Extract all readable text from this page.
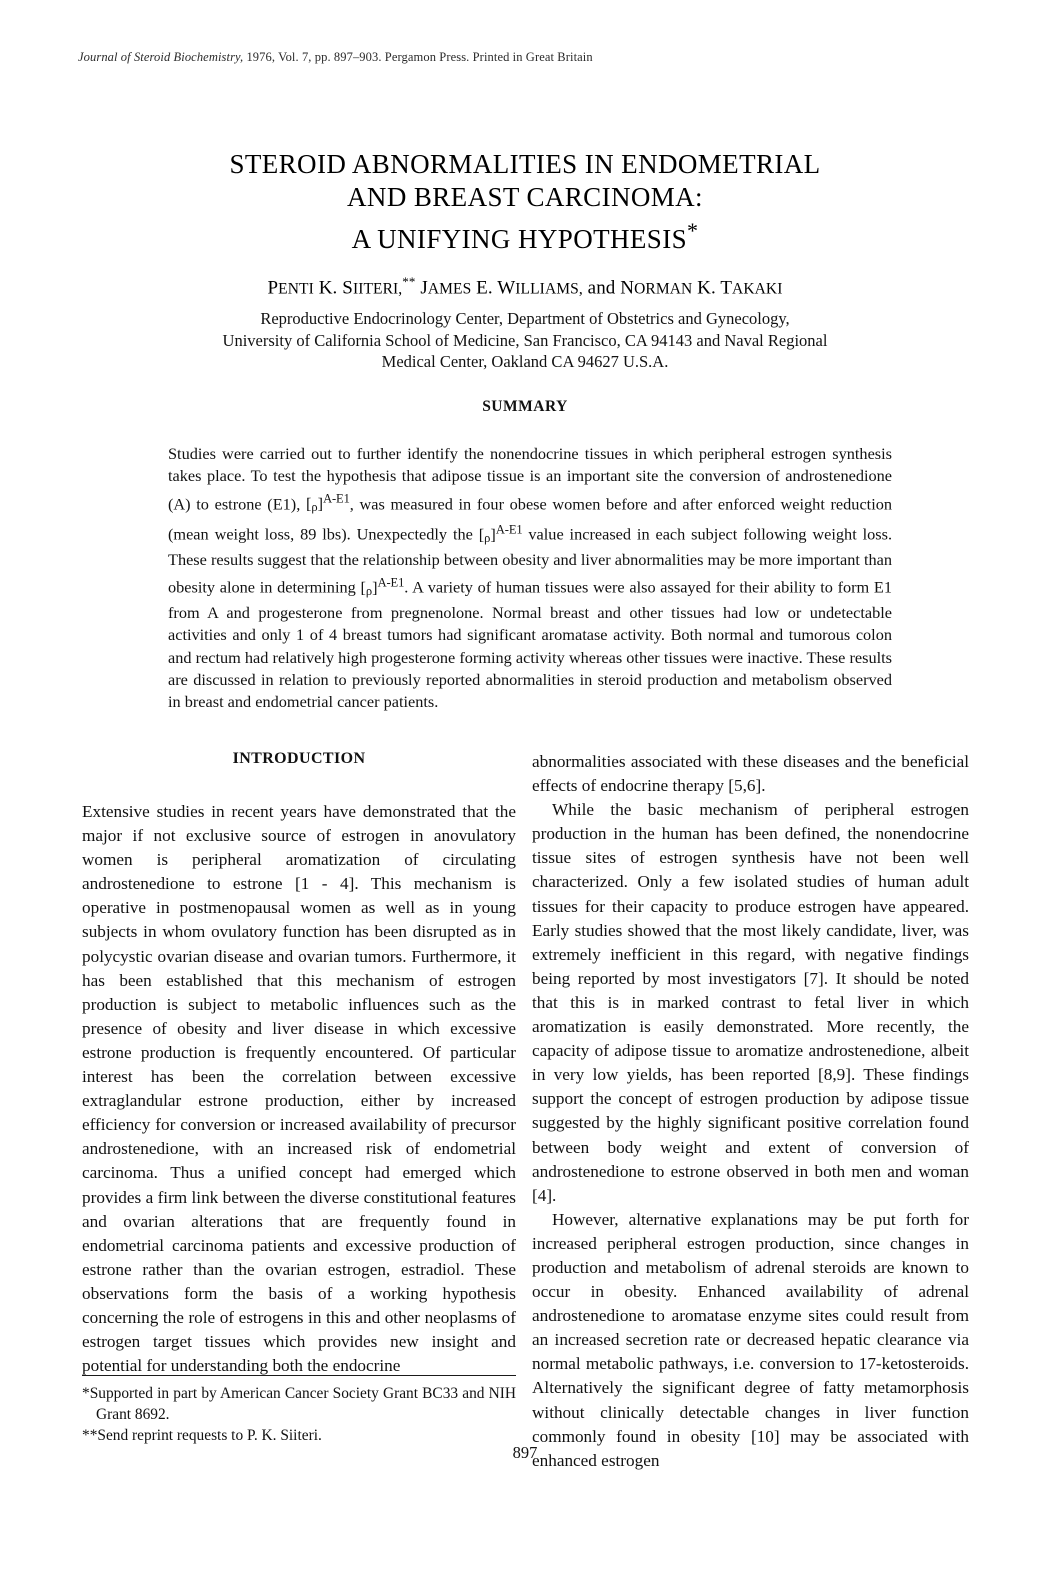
Journal of Steroid Biochemistry, 1976, Vol. 7, pp. 897–903. Pergamon Press. Printed in Great Britain
STEROID ABNORMALITIES IN ENDOMETRIAL
AND BREAST CARCINOMA:
A UNIFYING HYPOTHESIS*
PENTI K. SIITERI,** JAMES E. WILLIAMS, and NORMAN K. TAKAKI
Reproductive Endocrinology Center, Department of Obstetrics and Gynecology,
University of California School of Medicine, San Francisco, CA 94143 and Naval Regional
Medical Center, Oakland CA 94627 U.S.A.
SUMMARY

Studies were carried out to further identify the nonendocrine tissues in which peripheral estrogen synthesis takes place. To test the hypothesis that adipose tissue is an important site the conversion of androstenedione (A) to estrone (E1), $[\rho]^{A-E1}$, was measured in four obese women before and after enforced weight reduction (mean weight loss, 89 lbs). Unexpectedly the $[\rho]^{A-E1}$ value increased in each subject following weight loss. These results suggest that the relationship between obesity and liver abnormalities may be more important than obesity alone in determining $[\rho]^{A-E1}$. A variety of human tissues were also assayed for their ability to form E1 from A and progesterone from pregnenolone. Normal breast and other tissues had low or undetectable activities and only 1 of 4 breast tumors had significant aromatase activity. Both normal and tumorous colon and rectum had relatively high progesterone forming activity whereas other tissues were inactive. These results are discussed in relation to previously reported abnormalities in steroid production and metabolism observed in breast and endometrial cancer patients.

INTRODUCTION

Extensive studies in recent years have demonstrated that the major if not exclusive source of estrogen in anovulatory women is peripheral aromatization of circulating androstenedione to estrone [1 - 4]. This mechanism is operative in postmenopausal women as well as in young subjects in whom ovulatory function has been disrupted as in polycystic ovarian disease and ovarian tumors. Furthermore, it has been established that this mechanism of estrogen production is subject to metabolic influences such as the presence of obesity and liver disease in which excessive estrone production is frequently encountered. Of particular interest has been the correlation between excessive extraglandular estrone production, either by increased efficiency for conversion or increased availability of precursor androstenedione, with an increased risk of endometrial carcinoma. Thus a unified concept had emerged which provides a firm link between the diverse constitutional features and ovarian alterations that are frequently found in endometrial carcinoma patients and excessive production of estrone rather than the ovarian estrogen, estradiol. These observations form the basis of a working hypothesis concerning the role of estrogens in this and other neoplasms of estrogen target tissues which provides new insight and potential for understanding both the endocrine

abnormalities associated with these diseases and the beneficial effects of endocrine therapy [5,6].

While the basic mechanism of peripheral estrogen production in the human has been defined, the nonendocrine tissue sites of estrogen synthesis have not been well characterized. Only a few isolated studies of human adult tissues for their capacity to produce estrogen have appeared. Early studies showed that the most likely candidate, liver, was extremely inefficient in this regard, with negative findings being reported by most investigators [7]. It should be noted that this is in marked contrast to fetal liver in which aromatization is easily demonstrated. More recently, the capacity of adipose tissue to aromatize androstenedione, albeit in very low yields, has been reported [8,9]. These findings support the concept of estrogen production by adipose tissue suggested by the highly significant positive correlation found between body weight and extent of conversion of androstenedione to estrone observed in both men and woman [4].

However, alternative explanations may be put forth for increased peripheral estrogen production, since changes in production and metabolism of adrenal steroids are known to occur in obesity. Enhanced availability of adrenal androstenedione to aromatase enzyme sites could result from an increased secretion rate or decreased hepatic clearance via normal metabolic pathways, i.e. conversion to 17-ketosteroids. Alternatively the significant degree of fatty metamorphosis without clinically detectable changes in liver function commonly found in obesity [10] may be associated with enhanced estrogen

*Supported in part by American Cancer Society Grant BC33 and NIH Grant 8692.

**Send reprint requests to P. K. Siiteri.

897
